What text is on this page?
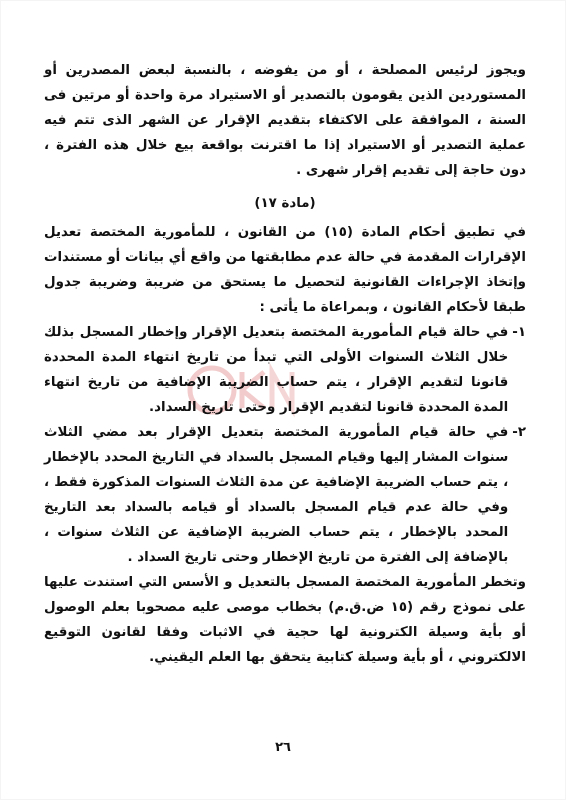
ويجوز لرئيس المصلحة ، أو من يفوضه ، بالنسبة لبعض المصدرين أو المستوردين الذين يقومون بالتصدير أو الاستيراد مرة واحدة أو مرتين فى السنة ، الموافقة على الاكتفاء بتقديم الإقرار عن الشهر الذى تتم فيه عملية التصدير أو الاستيراد إذا ما اقترنت بواقعة بيع خلال هذه الفترة ، دون حاجة إلى تقديم إقرار شهرى .

(مادة ١٧)

في تطبيق أحكام المادة (١٥) من القانون ، للمأمورية المختصة تعديل الإقرارات المقدمة في حالة عدم مطابقتها من واقع أي بيانات أو مستندات وإتخاذ الإجراءات القانونية لتحصيل ما يستحق من ضريبة وضريبة جدول طبقا لأحكام القانون ، وبمراعاة ما يأتى :

١-
في حالة قيام المأمورية المختصة بتعديل الإقرار وإخطار المسجل بذلك خلال الثلاث السنوات الأولى التي تبدأ من تاريخ انتهاء المدة المحددة قانونا لتقديم الإقرار ، يتم حساب الضريبة الإضافية من تاريخ انتهاء المدة المحددة قانونا لتقديم الإقرار وحتى تاريخ السداد.
٢-
في حالة قيام المأمورية المختصة بتعديل الإقرار بعد مضي الثلاث سنوات المشار إليها وقيام المسجل بالسداد في التاريخ المحدد بالإخطار ، يتم حساب الضريبة الإضافية عن مدة الثلاث السنوات المذكورة فقط ، وفي حالة عدم قيام المسجل بالسداد أو قيامه بالسداد بعد التاريخ المحدد بالإخطار ، يتم حساب الضريبة الإضافية عن الثلاث سنوات ، بالإضافة إلى الفترة من تاريخ الإخطار وحتى تاريخ السداد .

وتخطر المأمورية المختصة المسجل بالتعديل و الأسس التي استندت عليها على نموذج رقم (١٥ ض.ق.م) بخطاب موصى عليه مصحوبا بعلم الوصول أو بأية وسيلة الكترونية لها حجية في الاثبات وفقا لقانون التوقيع الالكتروني ، أو بأية وسيلة كتابية يتحقق بها العلم اليقيني.

٢٦
